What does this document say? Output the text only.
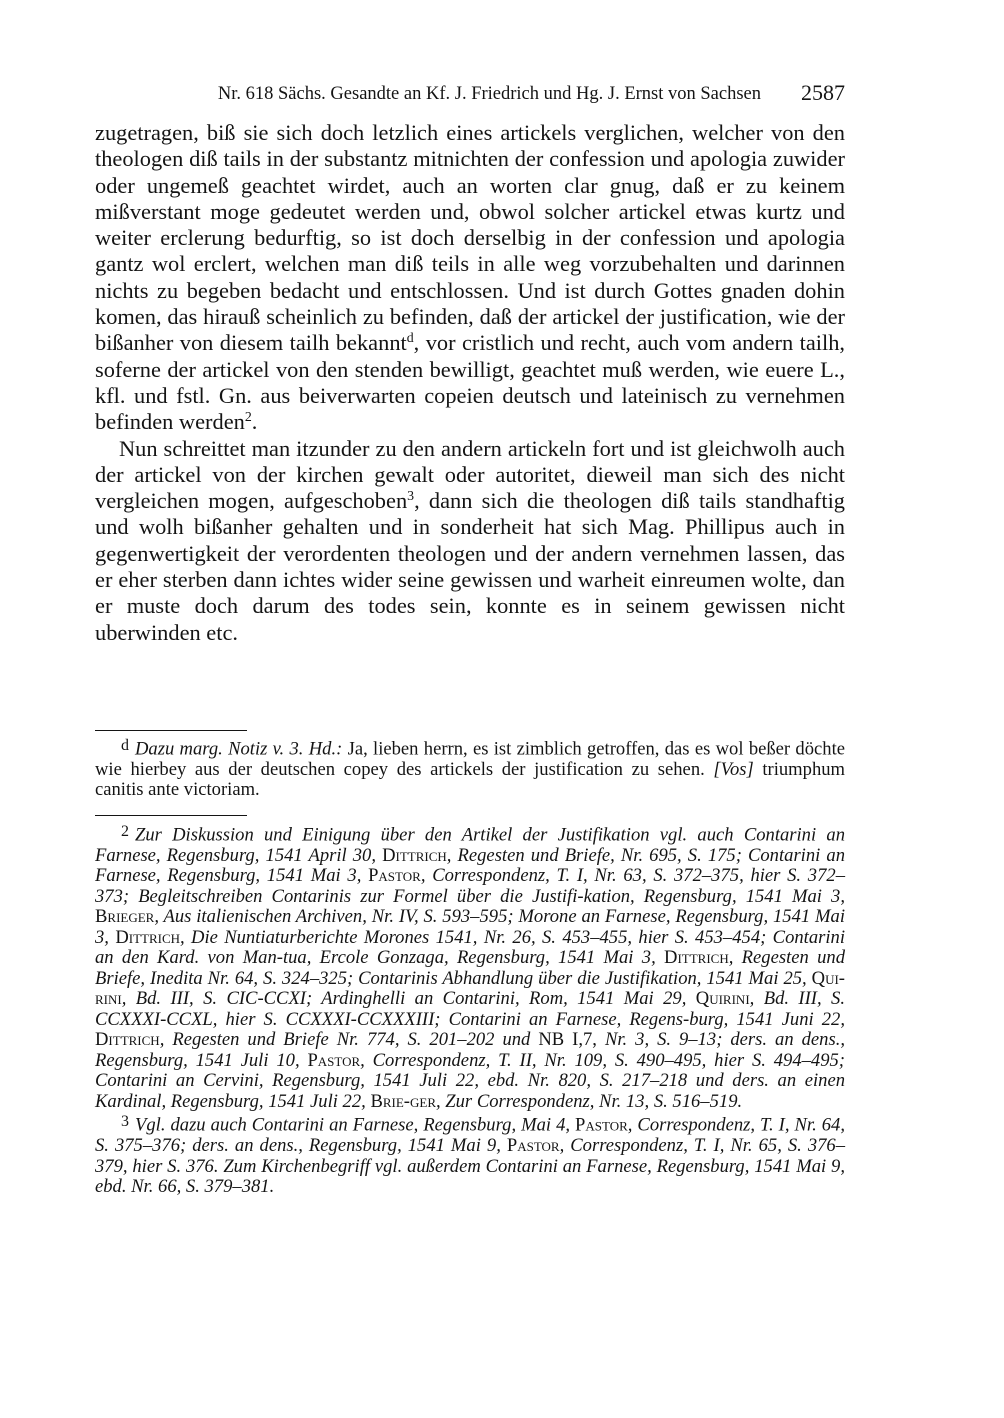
Nr. 618 Sächs. Gesandte an Kf. J. Friedrich und Hg. J. Ernst von Sachsen 2587

zugetragen, biß sie sich doch letzlich eines artickels verglichen, welcher von den theologen diß tails in der substantz mitnichten der confession und apologia zuwider oder ungemeß geachtet wirdet, auch an worten clar gnug, daß er zu keinem mißverstant moge gedeutet werden und, obwol solcher artickel etwas kurtz und weiter erclerung bedurftig, so ist doch derselbig in der confession und apologia gantz wol erclert, welchen man diß teils in alle weg vorzubehalten und darinnen nichts zu begeben bedacht und entschlossen. Und ist durch Gottes gnaden dohin komen, das hirauß scheinlich zu befinden, daß der artickel der justification, wie der bißanher von diesem tailh bekannt$^d$, vor cristlich und recht, auch vom andern tailh, soferne der artickel von den stenden bewilligt, geachtet muß werden, wie euere L., kfl. und fstl. Gn. aus beiverwarten copeien deutsch und lateinisch zu vernehmen befinden werden$^2$.

Nun schreittet man itzunder zu den andern artickeln fort und ist gleichwolh auch der artickel von der kirchen gewalt oder autoritet, dieweil man sich des nicht vergleichen mogen, aufgeschoben$^3$, dann sich die theologen diß tails standhaftig und wolh bißanher gehalten und in sonderheit hat sich Mag. Phillipus auch in gegenwertigkeit der verordenten theologen und der andern vernehmen lassen, das er eher sterben dann ichtes wider seine gewissen und warheit einreumen wolte, dan er muste doch darum des todes sein, konnte es in seinem gewissen nicht uberwinden etc.

d Dazu marg. Notiz v. 3. Hd.: Ja, lieben herrn, es ist zimblich getroffen, das es wol beßer döchte wie hierbey aus der deutschen copey des artickels der justification zu sehen. [Vos] triumphum canitis ante victoriam.

2 Zur Diskussion und Einigung über den Artikel der Justifikation vgl. auch Contarini an Farnese, Regensburg, 1541 April 30, Dittrich, Regesten und Briefe, Nr. 695, S. 175; Contarini an Farnese, Regensburg, 1541 Mai 3, Pastor, Correspondenz, T. I, Nr. 63, S. 372–375, hier S. 372–373; Begleitschreiben Contarinis zur Formel über die Justifi-kation, Regensburg, 1541 Mai 3, Brieger, Aus italienischen Archiven, Nr. IV, S. 593–595; Morone an Farnese, Regensburg, 1541 Mai 3, Dittrich, Die Nuntiaturberichte Morones 1541, Nr. 26, S. 453–455, hier S. 453–454; Contarini an den Kard. von Man-tua, Ercole Gonzaga, Regensburg, 1541 Mai 3, Dittrich, Regesten und Briefe, Inedita Nr. 64, S. 324–325; Contarinis Abhandlung über die Justifikation, 1541 Mai 25, Qui-rini, Bd. III, S. CIC-CCXI; Ardinghelli an Contarini, Rom, 1541 Mai 29, Quirini, Bd. III, S. CCXXXI-CCXL, hier S. CCXXXI-CCXXXIII; Contarini an Farnese, Regens-burg, 1541 Juni 22, Dittrich, Regesten und Briefe Nr. 774, S. 201–202 und NB I,7, Nr. 3, S. 9–13; ders. an dens., Regensburg, 1541 Juli 10, Pastor, Correspondenz, T. II, Nr. 109, S. 490–495, hier S. 494–495; Contarini an Cervini, Regensburg, 1541 Juli 22, ebd. Nr. 820, S. 217–218 und ders. an einen Kardinal, Regensburg, 1541 Juli 22, Brie-ger, Zur Correspondenz, Nr. 13, S. 516–519.

3 Vgl. dazu auch Contarini an Farnese, Regensburg, Mai 4, Pastor, Correspondenz, T. I, Nr. 64, S. 375–376; ders. an dens., Regensburg, 1541 Mai 9, Pastor, Correspondenz, T. I, Nr. 65, S. 376–379, hier S. 376. Zum Kirchenbegriff vgl. außerdem Contarini an Farnese, Regensburg, 1541 Mai 9, ebd. Nr. 66, S. 379–381.
